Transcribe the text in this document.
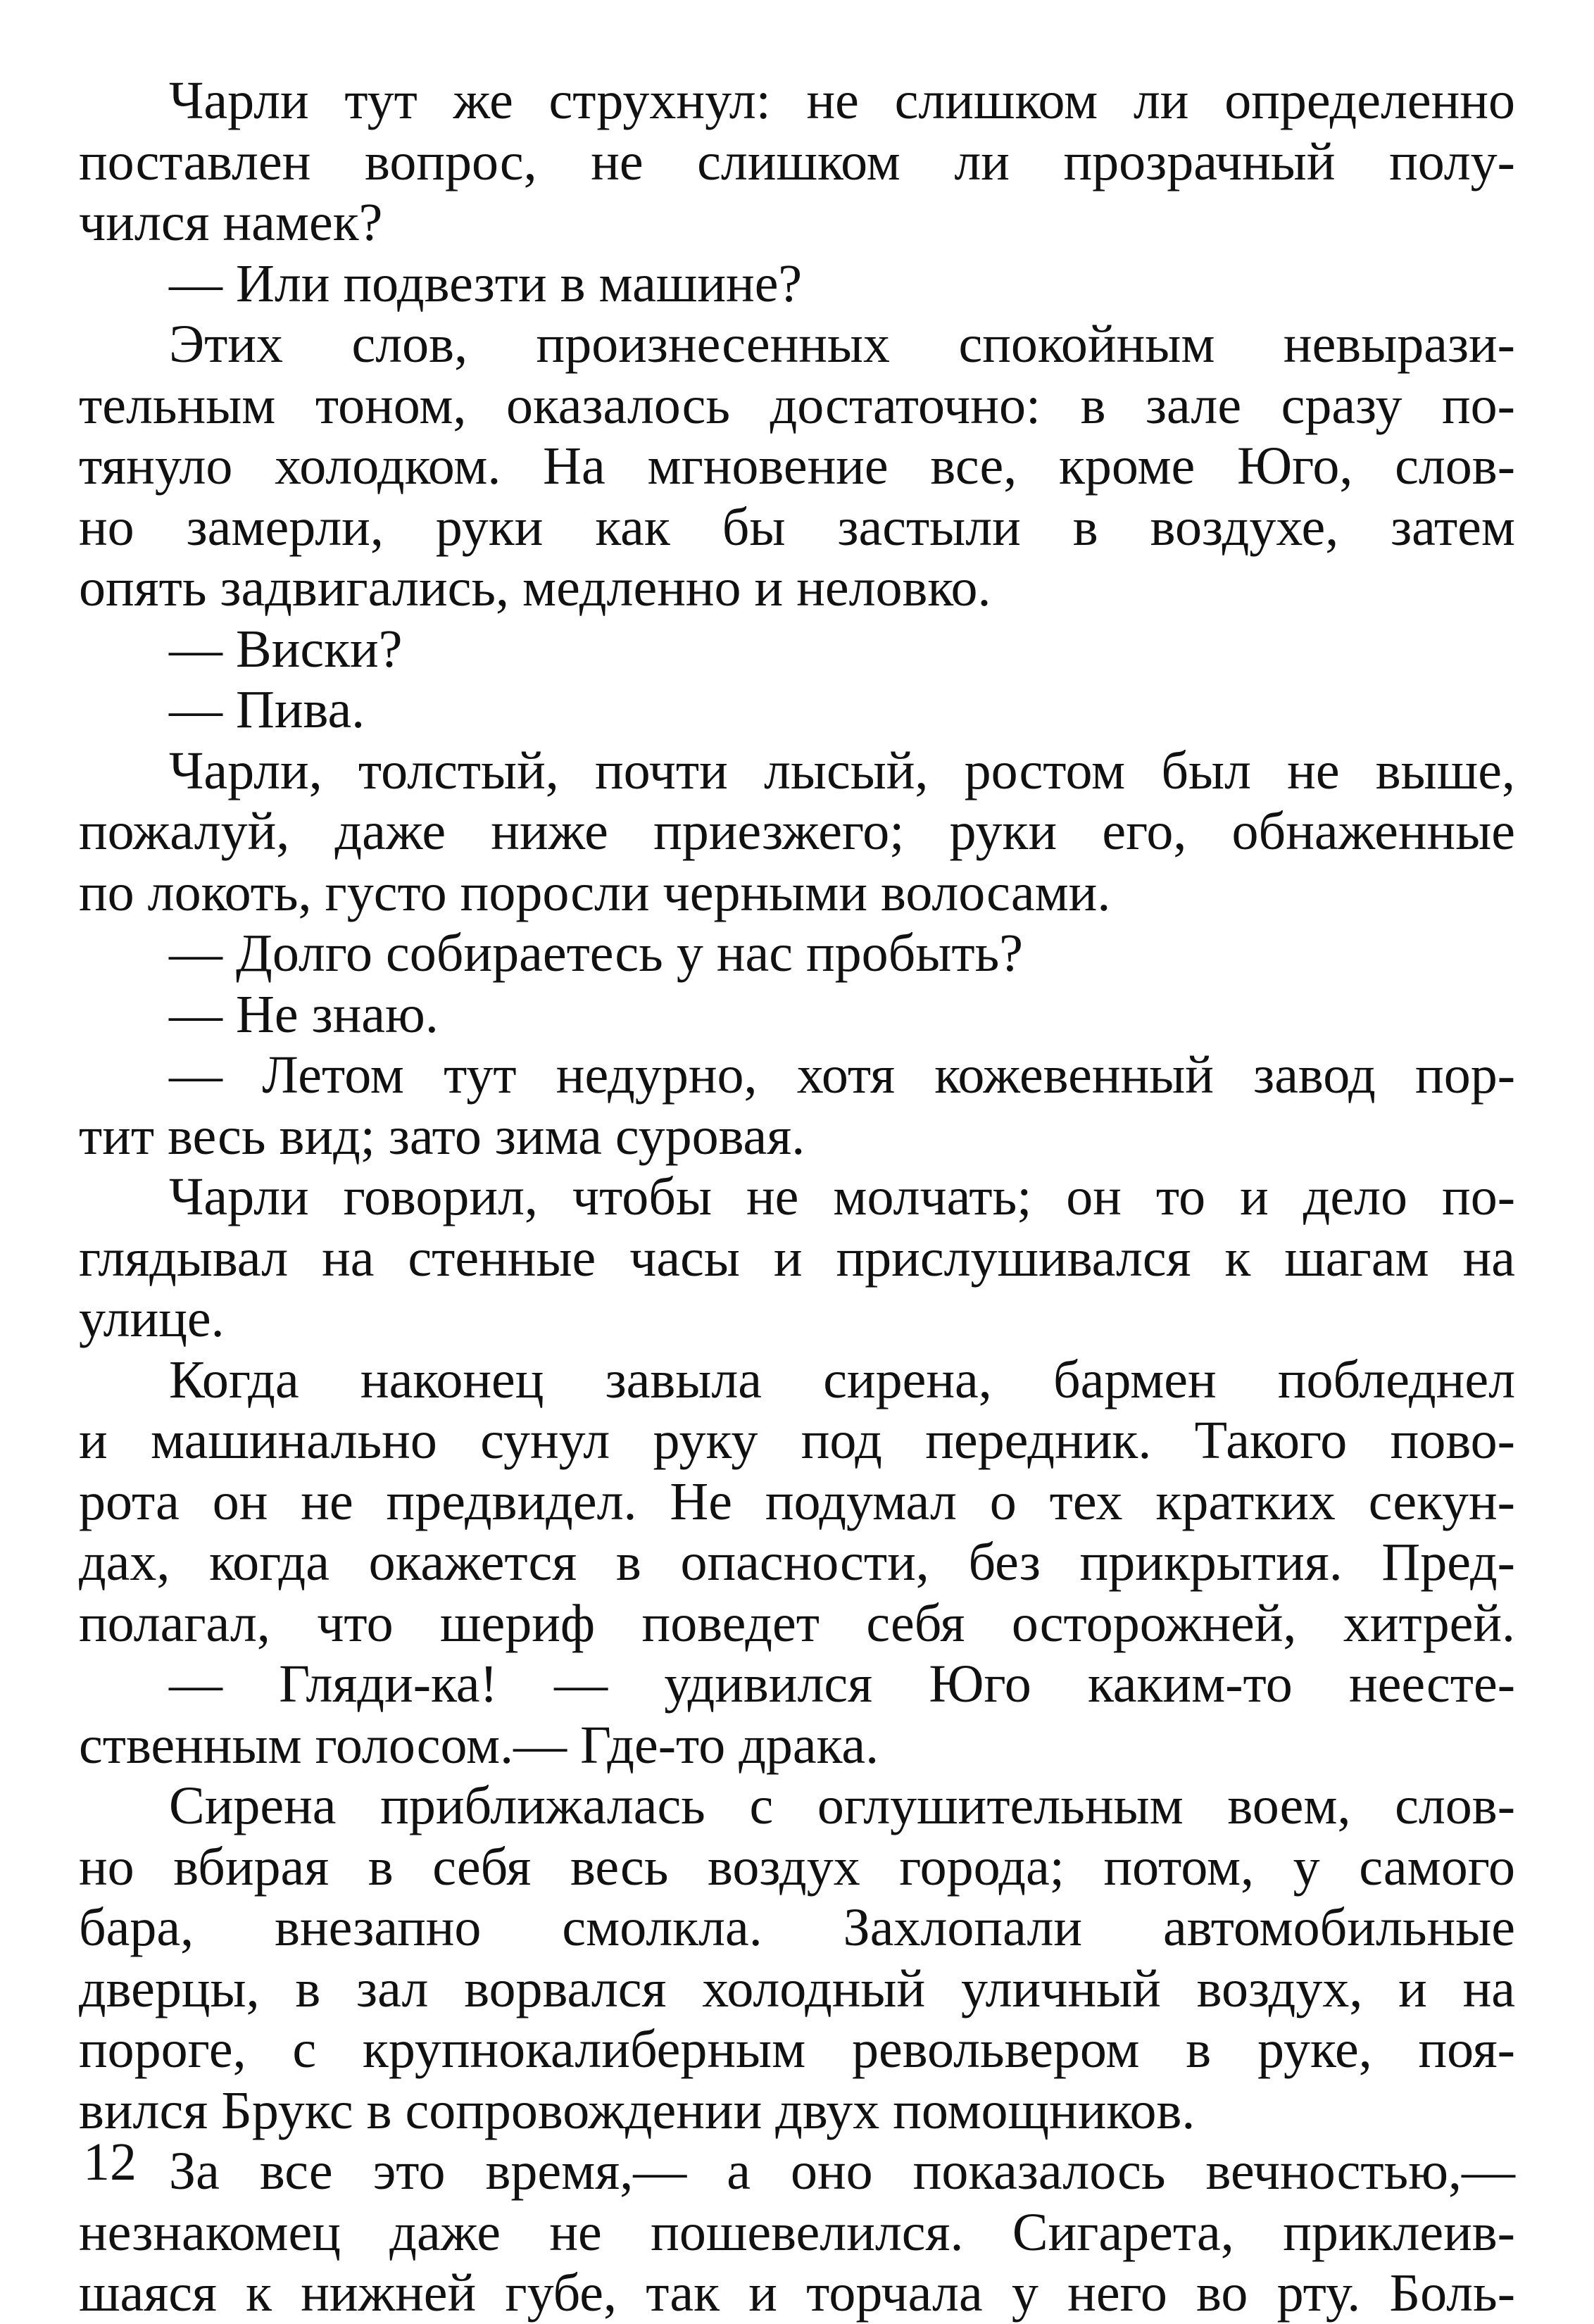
Чарли тут же струхнул: не слишком ли определенно
поставлен вопрос, не слишком ли прозрачный полу-
чился намек?
— Или подвезти в машине?
Этих слов, произнесенных спокойным невырази-
тельным тоном, оказалось достаточно: в зале сразу по-
тянуло холодком. На мгновение все, кроме Юго, слов-
но замерли, руки как бы застыли в воздухе, затем
опять задвигались, медленно и неловко.
— Виски?
— Пива.
Чарли, толстый, почти лысый, ростом был не выше,
пожалуй, даже ниже приезжего; руки его, обнаженные
по локоть, густо поросли черными волосами.
— Долго собираетесь у нас пробыть?
— Не знаю.
— Летом тут недурно, хотя кожевенный завод пор-
тит весь вид; зато зима суровая.
Чарли говорил, чтобы не молчать; он то и дело по-
глядывал на стенные часы и прислушивался к шагам на
улице.
Когда наконец завыла сирена, бармен побледнел
и машинально сунул руку под передник. Такого пово-
рота он не предвидел. Не подумал о тех кратких секун-
дах, когда окажется в опасности, без прикрытия. Пред-
полагал, что шериф поведет себя осторожней, хитрей.
— Гляди-ка! — удивился Юго каким-то неесте-
ственным голосом.— Где-то драка.
Сирена приближалась с оглушительным воем, слов-
но вбирая в себя весь воздух города; потом, у самого
бара, внезапно смолкла. Захлопали автомобильные
дверцы, в зал ворвался холодный уличный воздух, и на
пороге, с крупнокалиберным револьвером в руке, поя-
вился Брукс в сопровождении двух помощников.
За все это время,— а оно показалось вечностью,—
незнакомец даже не пошевелился. Сигарета, приклеив-
шаяся к нижней губе, так и торчала у него во рту. Боль-
12
